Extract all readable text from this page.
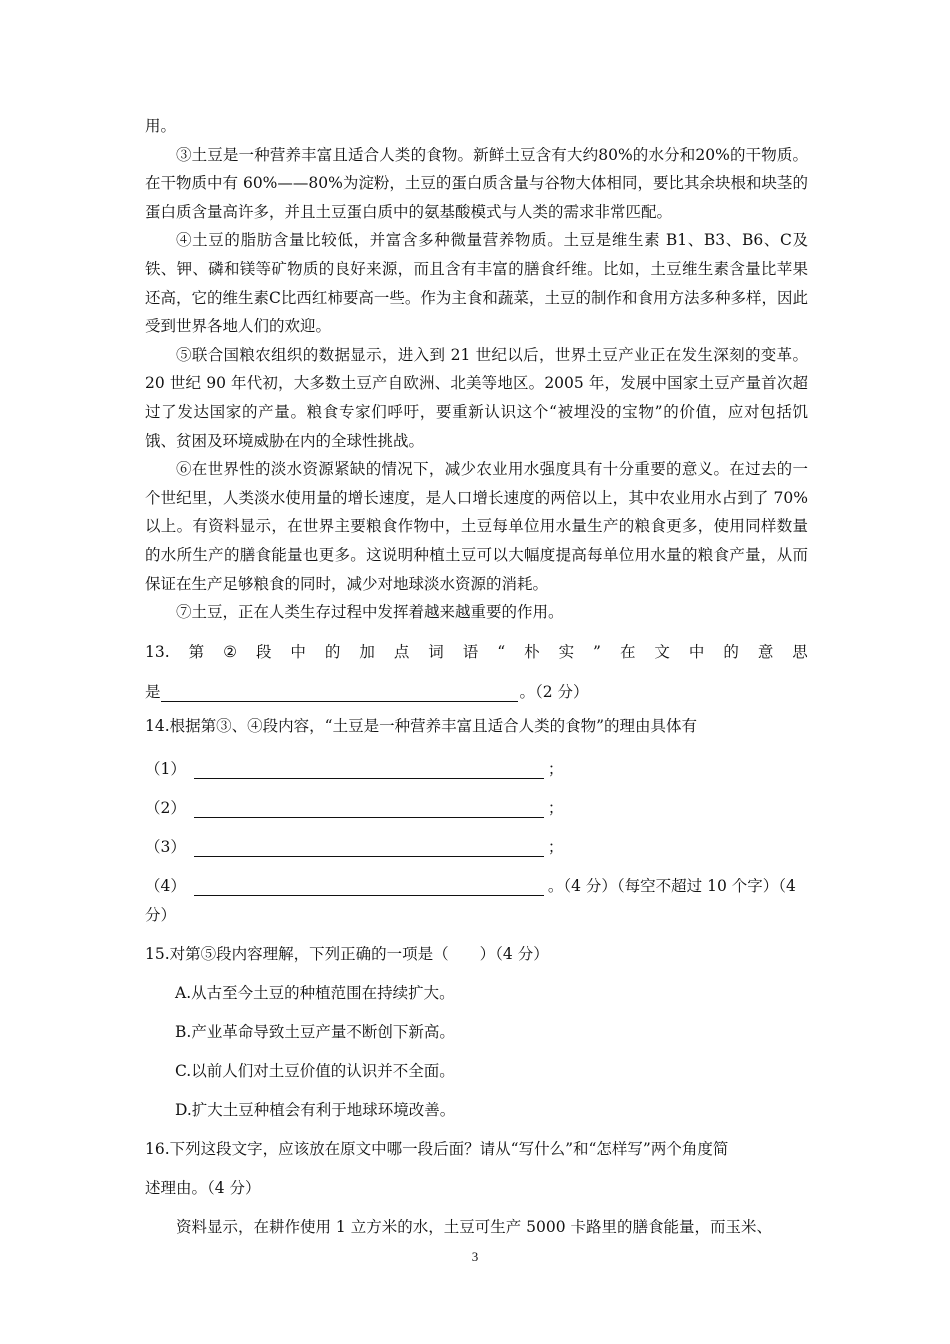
用。

③土豆是一种营养丰富且适合人类的食物。新鲜土豆含有大约80%的水分和20%的干物质。在干物质中有 60%——80%为淀粉，土豆的蛋白质含量与谷物大体相同，要比其余块根和块茎的蛋白质含量高许多，并且土豆蛋白质中的氨基酸模式与人类的需求非常匹配。

④土豆的脂肪含量比较低，并富含多种微量营养物质。土豆是维生素 B1、B3、B6、C及铁、钾、磷和镁等矿物质的良好来源，而且含有丰富的膳食纤维。比如，土豆维生素含量比苹果还高，它的维生素C比西红柿要高一些。作为主食和蔬菜，土豆的制作和食用方法多种多样，因此受到世界各地人们的欢迎。

⑤联合国粮农组织的数据显示，进入到 21 世纪以后，世界土豆产业正在发生深刻的变革。20 世纪 90 年代初，大多数土豆产自欧洲、北美等地区。2005 年，发展中国家土豆产量首次超过了发达国家的产量。粮食专家们呼吁，要重新认识这个“被埋没的宝物”的价值，应对包括饥饿、贫困及环境威胁在内的全球性挑战。

⑥在世界性的淡水资源紧缺的情况下，减少农业用水强度具有十分重要的意义。在过去的一个世纪里，人类淡水使用量的增长速度，是人口增长速度的两倍以上，其中农业用水占到了 70%以上。有资料显示，在世界主要粮食作物中，土豆每单位用水量生产的粮食更多，使用同样数量的水所生产的膳食能量也更多。这说明种植土豆可以大幅度提高每单位用水量的粮食产量，从而保证在生产足够粮食的同时，减少对地球淡水资源的消耗。

⑦土豆，正在人类生存过程中发挥着越来越重要的作用。

13. 第 ② 段 中 的 加 点 词 语 “ 朴 实 ” 在 文 中 的 意 思
是	。（2 分）

14.根据第③、④段内容，“土豆是一种营养丰富且适合人类的食物”的理由具体有

（1）	；
（2）	；
（3）	；
（4）	。（4 分）（每空不超过 10 个字）（4

分）

15.对第⑤段内容理解，下列正确的一项是（　　）（4 分）

A.从古至今土豆的种植范围在持续扩大。

B.产业革命导致土豆产量不断创下新高。

C.以前人们对土豆价值的认识并不全面。

D.扩大土豆种植会有利于地球环境改善。

16.下列这段文字，应该放在原文中哪一段后面？请从“写什么”和“怎样写”两个角度简

述理由。（4 分）

资料显示，在耕作使用 1 立方米的水，土豆可生产 5000 卡路里的膳食能量，而玉米、

3
